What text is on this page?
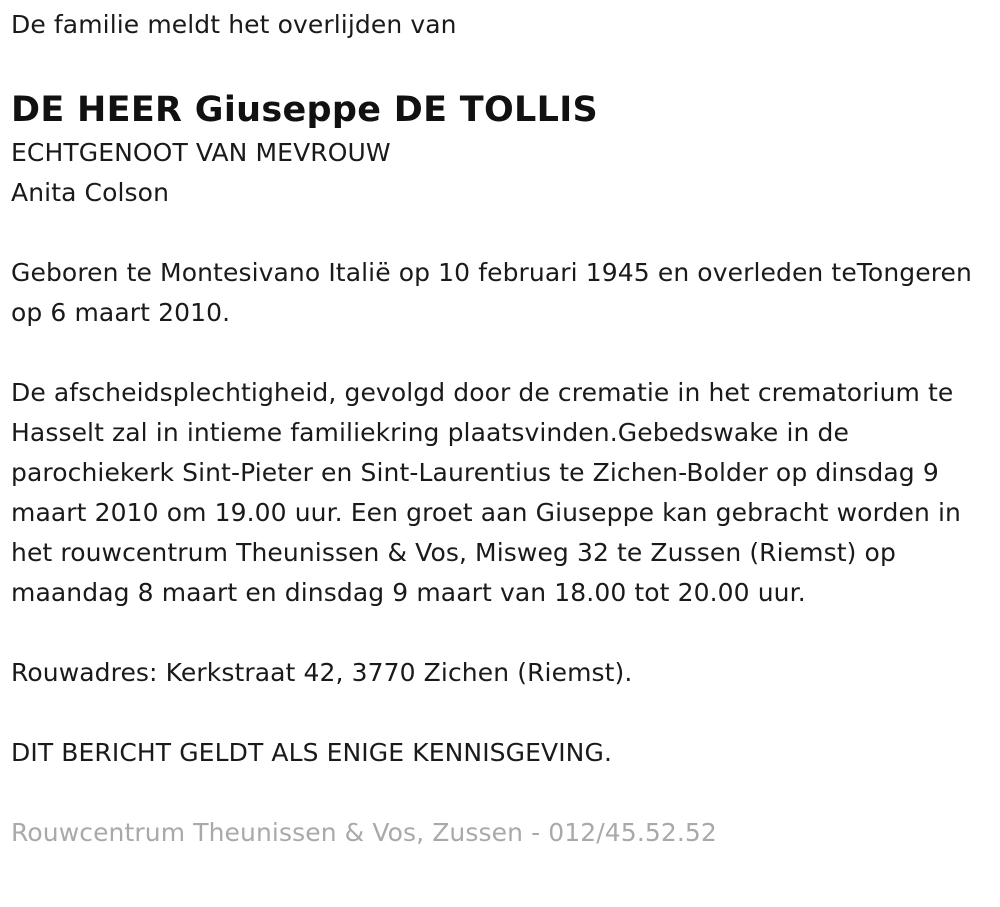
De familie meldt het overlijden van

DE HEER Giuseppe DE TOLLIS

ECHTGENOOT VAN MEVROUW

Anita Colson

Geboren te Montesivano Italië op 10 februari 1945 en overleden teTongeren op 6 maart 2010.

De afscheidsplechtigheid, gevolgd door de crematie in het crematorium te Hasselt zal in intieme familiekring plaatsvinden.Gebedswake in de parochiekerk Sint-Pieter en Sint-Laurentius te Zichen-Bolder op dinsdag 9 maart 2010 om 19.00 uur. Een groet aan Giuseppe kan gebracht worden in het rouwcentrum Theunissen & Vos, Misweg 32 te Zussen (Riemst) op maandag 8 maart en dinsdag 9 maart van 18.00 tot 20.00 uur.

Rouwadres: Kerkstraat 42, 3770 Zichen (Riemst).

DIT BERICHT GELDT ALS ENIGE KENNISGEVING.

Rouwcentrum Theunissen & Vos, Zussen - 012/45.52.52
